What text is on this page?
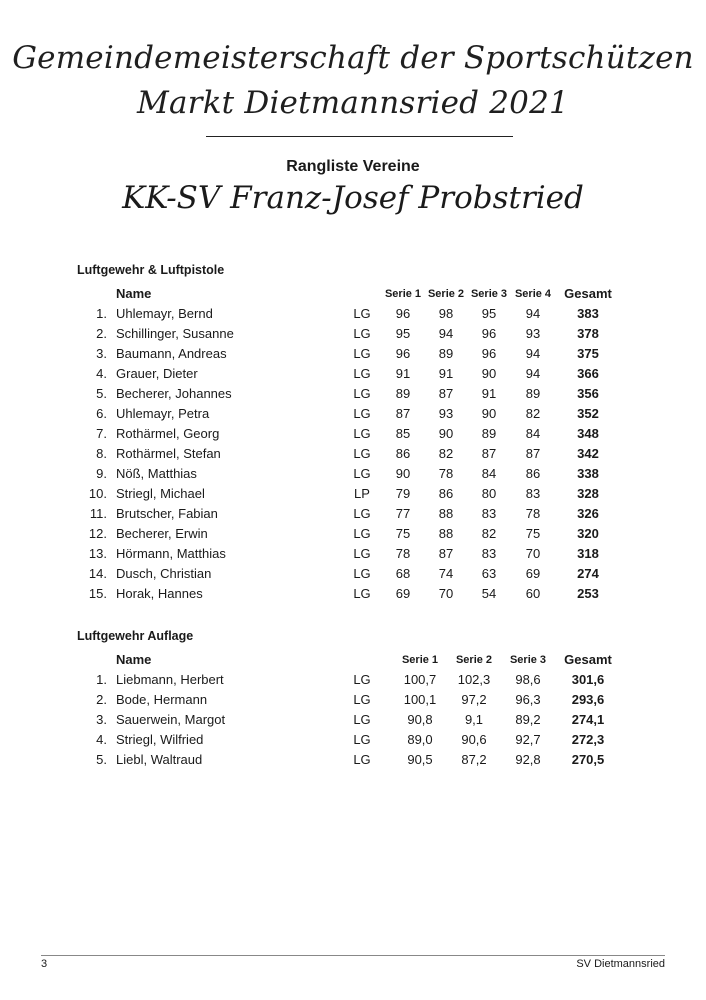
Gemeindemeisterschaft der Sportschützen
Markt Dietmannsried 2021
Rangliste Vereine
KK-SV Franz-Josef Probstried
Luftgewehr & Luftpistole
Name	Serie 1 Serie 2 Serie 3 Serie 4	Gesamt
1. Uhlemayr, Bernd	LG	96	98	95	94	383
2. Schillinger, Susanne	LG	95	94	96	93	378
3. Baumann, Andreas	LG	96	89	96	94	375
4. Grauer, Dieter	LG	91	91	90	94	366
5. Becherer, Johannes	LG	89	87	91	89	356
6. Uhlemayr, Petra	LG	87	93	90	82	352
7. Rothärmel, Georg	LG	85	90	89	84	348
8. Rothärmel, Stefan	LG	86	82	87	87	342
9. Nöß, Matthias	LG	90	78	84	86	338
10. Striegl, Michael	LP	79	86	80	83	328
11. Brutscher, Fabian	LG	77	88	83	78	326
12. Becherer, Erwin	LG	75	88	82	75	320
13. Hörmann, Matthias	LG	78	87	83	70	318
14. Dusch, Christian	LG	68	74	63	69	274
15. Horak, Hannes	LG	69	70	54	60	253
Luftgewehr Auflage
Name	Serie 1	Serie 2	Serie 3	Gesamt
1. Liebmann, Herbert	LG	100,7	102,3	98,6	301,6
2. Bode, Hermann	LG	100,1	97,2	96,3	293,6
3. Sauerwein, Margot	LG	90,8	9,1	89,2	274,1
4. Striegl, Wilfried	LG	89,0	90,6	92,7	272,3
5. Liebl, Waltraud	LG	90,5	87,2	92,8	270,5
3	SV Dietmannsried
